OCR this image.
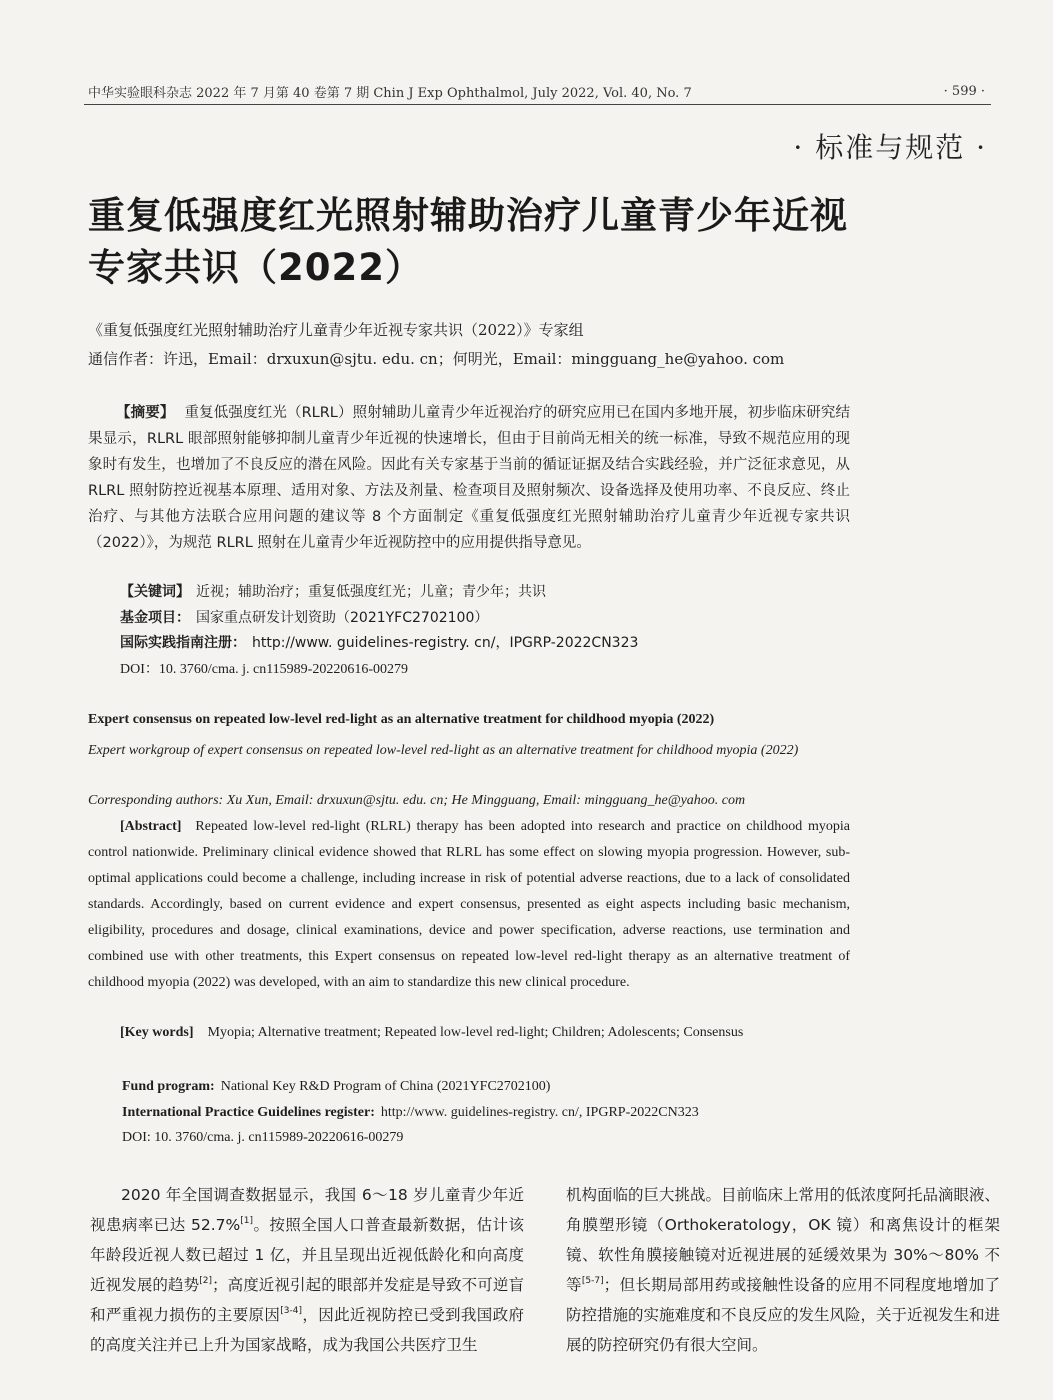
中华实验眼科杂志 2022 年 7 月第 40 卷第 7 期 Chin J Exp Ophthalmol, July 2022, Vol. 40, No. 7	· 599 ·
· 标准与规范 ·
重复低强度红光照射辅助治疗儿童青少年近视
专家共识（2022）
《重复低强度红光照射辅助治疗儿童青少年近视专家共识（2022）》专家组
通信作者：许迅，Email：drxuxun@sjtu. edu. cn；何明光，Email：mingguang_he@yahoo. com
【摘要】 重复低强度红光（RLRL）照射辅助儿童青少年近视治疗的研究应用已在国内多地开展，初步临床研究结果显示，RLRL 眼部照射能够抑制儿童青少年近视的快速增长，但由于目前尚无相关的统一标准，导致不规范应用的现象时有发生，也增加了不良反应的潜在风险。因此有关专家基于当前的循证证据及结合实践经验，并广泛征求意见，从 RLRL 照射防控近视基本原理、适用对象、方法及剂量、检查项目及照射频次、设备选择及使用功率、不良反应、终止治疗、与其他方法联合应用问题的建议等 8 个方面制定《重复低强度红光照射辅助治疗儿童青少年近视专家共识（2022）》，为规范 RLRL 照射在儿童青少年近视防控中的应用提供指导意见。
【关键词】 近视；辅助治疗；重复低强度红光；儿童；青少年；共识
基金项目： 国家重点研发计划资助（2021YFC2702100）
国际实践指南注册： http://www. guidelines-registry. cn/，IPGRP-2022CN323
DOI：10. 3760/cma. j. cn115989-20220616-00279
Expert consensus on repeated low-level red-light as an alternative treatment for childhood myopia (2022)
Expert workgroup of expert consensus on repeated low-level red-light as an alternative treatment for childhood myopia (2022)
Corresponding authors: Xu Xun, Email: drxuxun@sjtu. edu. cn; He Mingguang, Email: mingguang_he@yahoo. com
[Abstract] Repeated low-level red-light (RLRL) therapy has been adopted into research and practice on childhood myopia control nationwide. Preliminary clinical evidence showed that RLRL has some effect on slowing myopia progression. However, sub-optimal applications could become a challenge, including increase in risk of potential adverse reactions, due to a lack of consolidated standards. Accordingly, based on current evidence and expert consensus, presented as eight aspects including basic mechanism, eligibility, procedures and dosage, clinical examinations, device and power specification, adverse reactions, use termination and combined use with other treatments, this Expert consensus on repeated low-level red-light therapy as an alternative treatment of childhood myopia (2022) was developed, with an aim to standardize this new clinical procedure.
[Key words] Myopia; Alternative treatment; Repeated low-level red-light; Children; Adolescents; Consensus
Fund program: National Key R&D Program of China (2021YFC2702100)
International Practice Guidelines register: http://www. guidelines-registry. cn/, IPGRP-2022CN323
DOI: 10. 3760/cma. j. cn115989-20220616-00279
2020 年全国调查数据显示，我国 6～18 岁儿童青少年近视患病率已达 52.7%[1]。按照全国人口普查最新数据，估计该年龄段近视人数已超过 1 亿，并且呈现出近视低龄化和向高度近视发展的趋势[2]；高度近视引起的眼部并发症是导致不可逆盲和严重视力损伤的主要原因[3-4]，因此近视防控已受到我国政府的高度关注并已上升为国家战略，成为我国公共医疗卫生
机构面临的巨大挑战。目前临床上常用的低浓度阿托品滴眼液、角膜塑形镜（Orthokeratology，OK 镜）和离焦设计的框架镜、软性角膜接触镜对近视进展的延缓效果为 30%～80% 不等[5-7]；但长期局部用药或接触性设备的应用不同程度地增加了防控措施的实施难度和不良反应的发生风险，关于近视发生和进展的防控研究仍有很大空间。
